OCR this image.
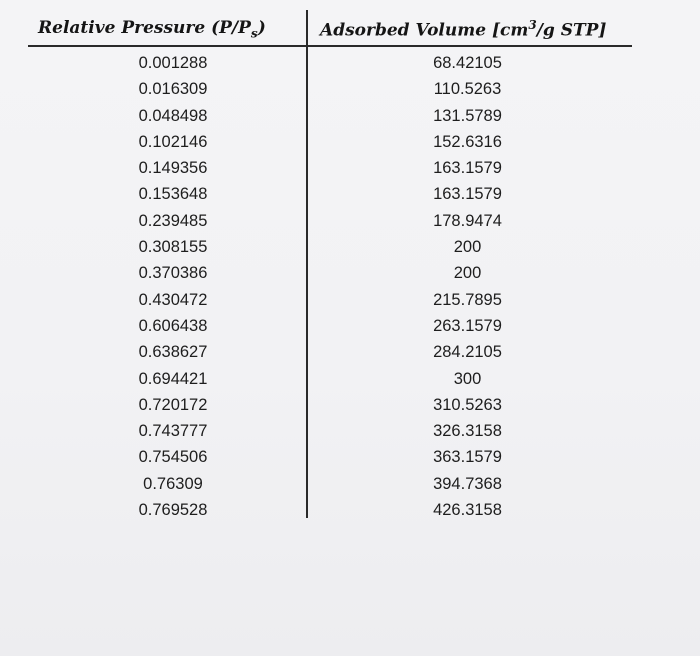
Relative Pressure $(P/P_s)$	Adsorbed Volume [$cm^3/g$ STP]
0.001288	68.42105
0.016309	110.5263
0.048498	131.5789
0.102146	152.6316
0.149356	163.1579
0.153648	163.1579
0.239485	178.9474
0.308155	200
0.370386	200
0.430472	215.7895
0.606438	263.1579
0.638627	284.2105
0.694421	300
0.720172	310.5263
0.743777	326.3158
0.754506	363.1579
0.76309	394.7368
0.769528	426.3158
